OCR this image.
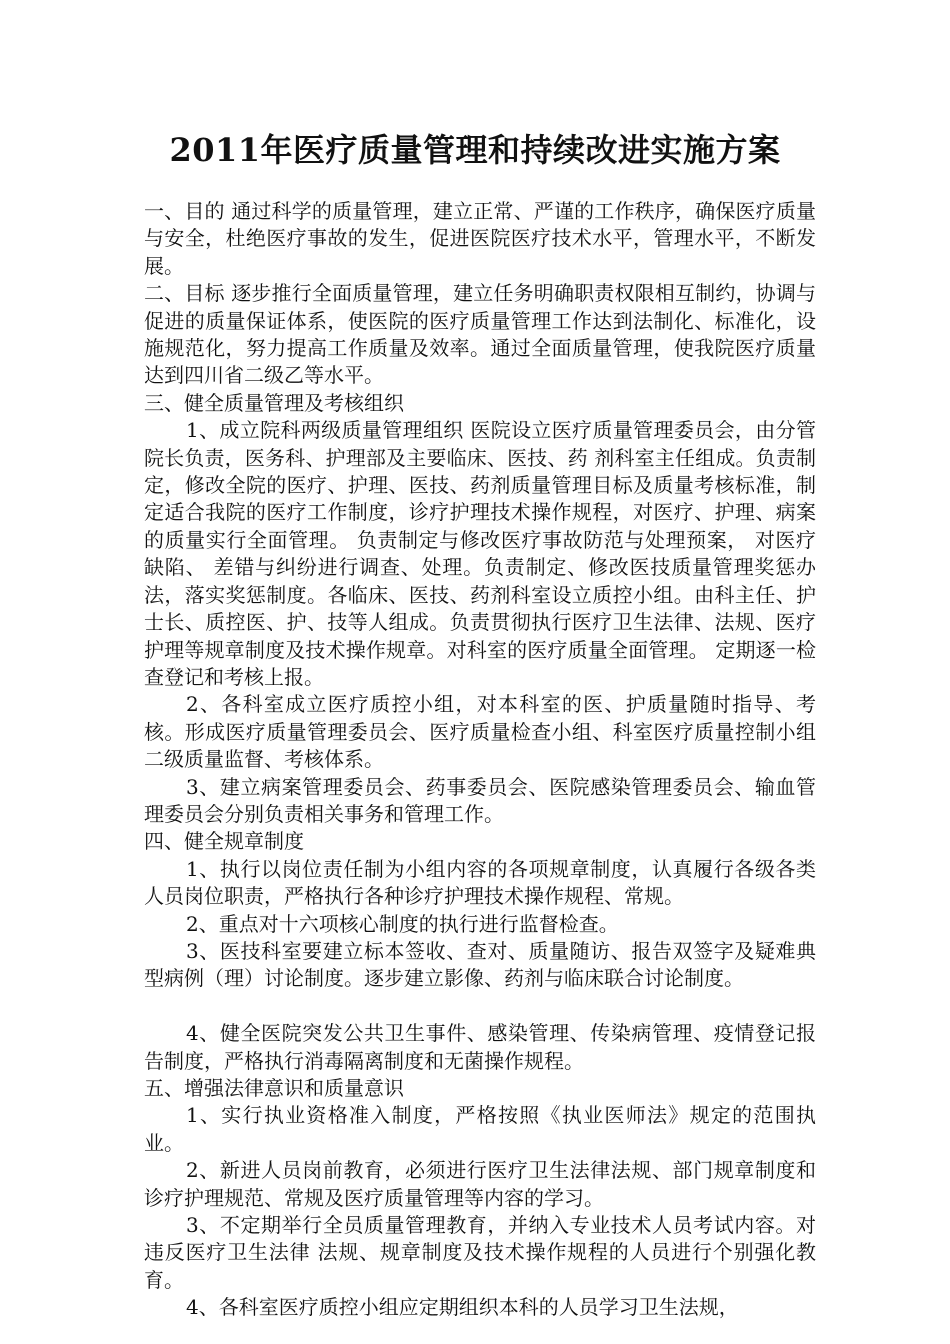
2011年医疗质量管理和持续改进实施方案

一、目的 通过科学的质量管理，建立正常、严谨的工作秩序，确保医疗质量与安全，杜绝医疗事故的发生，促进医院医疗技术水平，管理水平，不断发展。

二、目标 逐步推行全面质量管理，建立任务明确职责权限相互制约，协调与促进的质量保证体系，使医院的医疗质量管理工作达到法制化、标准化，设施规范化，努力提高工作质量及效率。通过全面质量管理，使我院医疗质量达到四川省二级乙等水平。

三、健全质量管理及考核组织

1、成立院科两级质量管理组织 医院设立医疗质量管理委员会，由分管院长负责，医务科、护理部及主要临床、医技、药 剂科室主任组成。负责制定，修改全院的医疗、护理、医技、药剂质量管理目标及质量考核标准，制定适合我院的医疗工作制度，诊疗护理技术操作规程，对医疗、护理、病案的质量实行全面管理。 负责制定与修改医疗事故防范与处理预案， 对医疗缺陷、 差错与纠纷进行调查、处理。负责制定、修改医技质量管理奖惩办法，落实奖惩制度。各临床、医技、药剂科室设立质控小组。由科主任、护士长、质控医、护、技等人组成。负责贯彻执行医疗卫生法律、法规、医疗护理等规章制度及技术操作规章。对科室的医疗质量全面管理。 定期逐一检查登记和考核上报。

2、各科室成立医疗质控小组，对本科室的医、护质量随时指导、考核。形成医疗质量管理委员会、医疗质量检查小组、科室医疗质量控制小组二级质量监督、考核体系。

3、建立病案管理委员会、药事委员会、医院感染管理委员会、输血管理委员会分别负责相关事务和管理工作。

四、健全规章制度

1、执行以岗位责任制为小组内容的各项规章制度，认真履行各级各类人员岗位职责，严格执行各种诊疗护理技术操作规程、常规。

2、重点对十六项核心制度的执行进行监督检查。

3、医技科室要建立标本签收、查对、质量随访、报告双签字及疑难典型病例（理）讨论制度。逐步建立影像、药剂与临床联合讨论制度。

4、健全医院突发公共卫生事件、感染管理、传染病管理、疫情登记报告制度，严格执行消毒隔离制度和无菌操作规程。

五、增强法律意识和质量意识

1、实行执业资格准入制度，严格按照《执业医师法》规定的范围执业。

2、新进人员岗前教育，必须进行医疗卫生法律法规、部门规章制度和诊疗护理规范、常规及医疗质量管理等内容的学习。

3、不定期举行全员质量管理教育，并纳入专业技术人员考试内容。对违反医疗卫生法律 法规、规章制度及技术操作规程的人员进行个别强化教育。

4、各科室医疗质控小组应定期组织本科的人员学习卫生法规，
